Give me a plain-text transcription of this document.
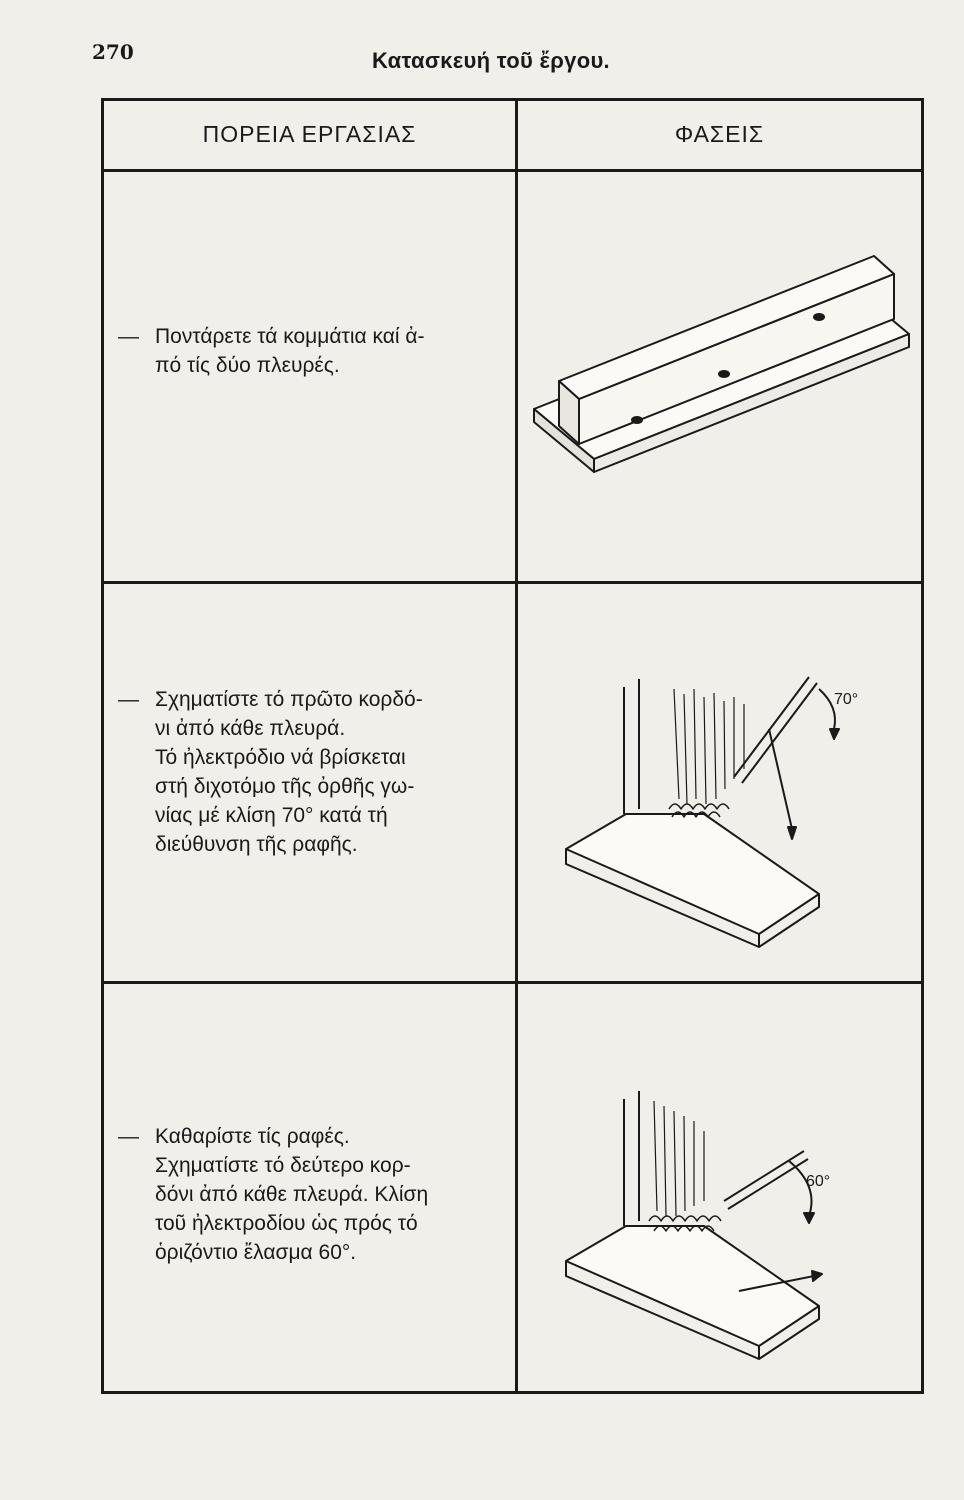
270	Κατασκευή τοῦ ἔργου.
ΠΟΡΕΙΑ ΕΡΓΑΣΙΑΣ	ΦΑΣΕΙΣ
— Ποντάρετε τά κομμάτια καί ἀ-
πό τίς δύο πλευρές.
— Σχηματίστε τό πρῶτο κορδό-
νι ἀπό κάθε πλευρά.
Τό ἠλεκτρόδιο νά βρίσκεται
στή διχοτόμο τῆς ὀρθῆς γω-
νίας μέ κλίση 70° κατά τή
διεύθυνση τῆς ραφῆς.
— Καθαρίστε τίς ραφές.
Σχηματίστε τό δεύτερο κορ-
δόνι ἀπό κάθε πλευρά. Κλίση
τοῦ ἠλεκτροδίου ὡς πρός τό
ὁριζόντιο ἔλασμα 60°.
70°
60°
